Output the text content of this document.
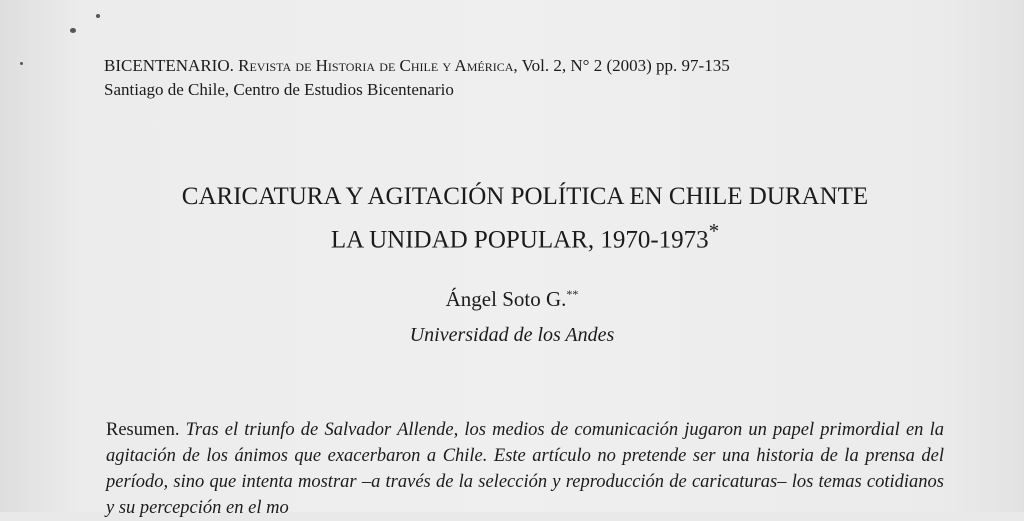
BICENTENARIO. Revista de Historia de Chile y América, Vol. 2, N° 2 (2003) pp. 97-135
Santiago de Chile, Centro de Estudios Bicentenario
CARICATURA Y AGITACIÓN POLÍTICA EN CHILE DURANTE
LA UNIDAD POPULAR, 1970-1973*
Ángel Soto G.**
Universidad de los Andes
Resumen. Tras el triunfo de Salvador Allende, los medios de comunicación jugaron un papel primordial en la agitación de los ánimos que exacerbaron a Chile. Este artículo no pretende ser una historia de la prensa del período, sino que intenta mostrar –a través de la selección y reproducción de caricaturas– los temas cotidianos y su percepción en el mo
